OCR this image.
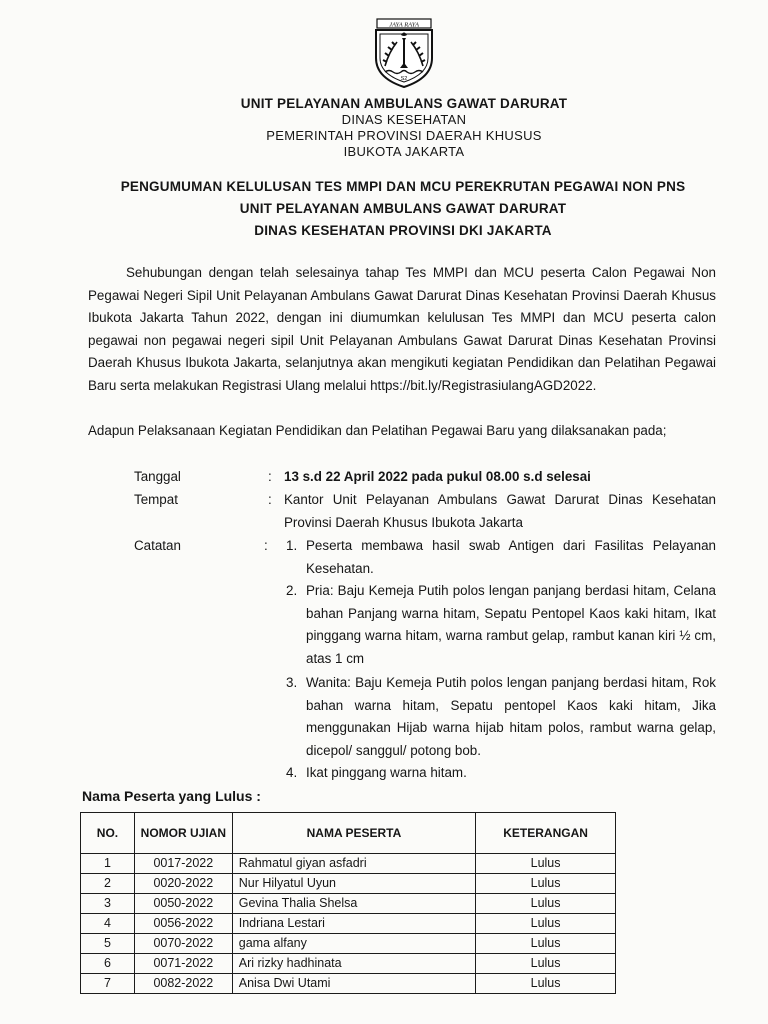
JAYA RAYA
S2
UNIT PELAYANAN AMBULANS GAWAT DARURAT
DINAS KESEHATAN
PEMERINTAH PROVINSI DAERAH KHUSUS
IBUKOTA JAKARTA
PENGUMUMAN KELULUSAN TES MMPI DAN MCU PEREKRUTAN PEGAWAI NON PNS
UNIT PELAYANAN AMBULANS GAWAT DARURAT
DINAS KESEHATAN PROVINSI DKI JAKARTA
Sehubungan dengan telah selesainya tahap Tes MMPI dan MCU peserta Calon Pegawai Non Pegawai Negeri Sipil Unit Pelayanan Ambulans Gawat Darurat Dinas Kesehatan Provinsi Daerah Khusus Ibukota Jakarta Tahun 2022, dengan ini diumumkan kelulusan Tes MMPI dan MCU peserta calon pegawai non pegawai negeri sipil Unit Pelayanan Ambulans Gawat Darurat Dinas Kesehatan Provinsi Daerah Khusus Ibukota Jakarta, selanjutnya akan mengikuti kegiatan Pendidikan dan Pelatihan Pegawai Baru serta melakukan Registrasi Ulang melalui https://bit.ly/RegistrasiulangAGD2022.
Adapun Pelaksanaan Kegiatan Pendidikan dan Pelatihan Pegawai Baru yang dilaksanakan pada;
Tanggal	: 13 s.d 22 April 2022 pada pukul 08.00 s.d selesai
Tempat	: Kantor Unit Pelayanan Ambulans Gawat Darurat Dinas Kesehatan Provinsi Daerah Khusus Ibukota Jakarta
Catatan	: 1. Peserta membawa hasil swab Antigen dari Fasilitas Pelayanan Kesehatan.
2. Pria: Baju Kemeja Putih polos lengan panjang berdasi hitam, Celana bahan Panjang warna hitam, Sepatu Pentopel Kaos kaki hitam, Ikat pinggang warna hitam, warna rambut gelap, rambut kanan kiri ½ cm, atas 1 cm
3. Wanita: Baju Kemeja Putih polos lengan panjang berdasi hitam, Rok bahan warna hitam, Sepatu pentopel Kaos kaki hitam, Jika menggunakan Hijab warna hijab hitam polos, rambut warna gelap, dicepol/ sanggul/ potong bob.
4. Ikat pinggang warna hitam.
Nama Peserta yang Lulus :
NO.	NOMOR UJIAN	NAMA PESERTA	KETERANGAN
1	0017-2022	Rahmatul giyan asfadri	Lulus
2	0020-2022	Nur Hilyatul Uyun	Lulus
3	0050-2022	Gevina Thalia Shelsa	Lulus
4	0056-2022	Indriana Lestari	Lulus
5	0070-2022	gama alfany	Lulus
6	0071-2022	Ari rizky hadhinata	Lulus
7	0082-2022	Anisa Dwi Utami	Lulus
